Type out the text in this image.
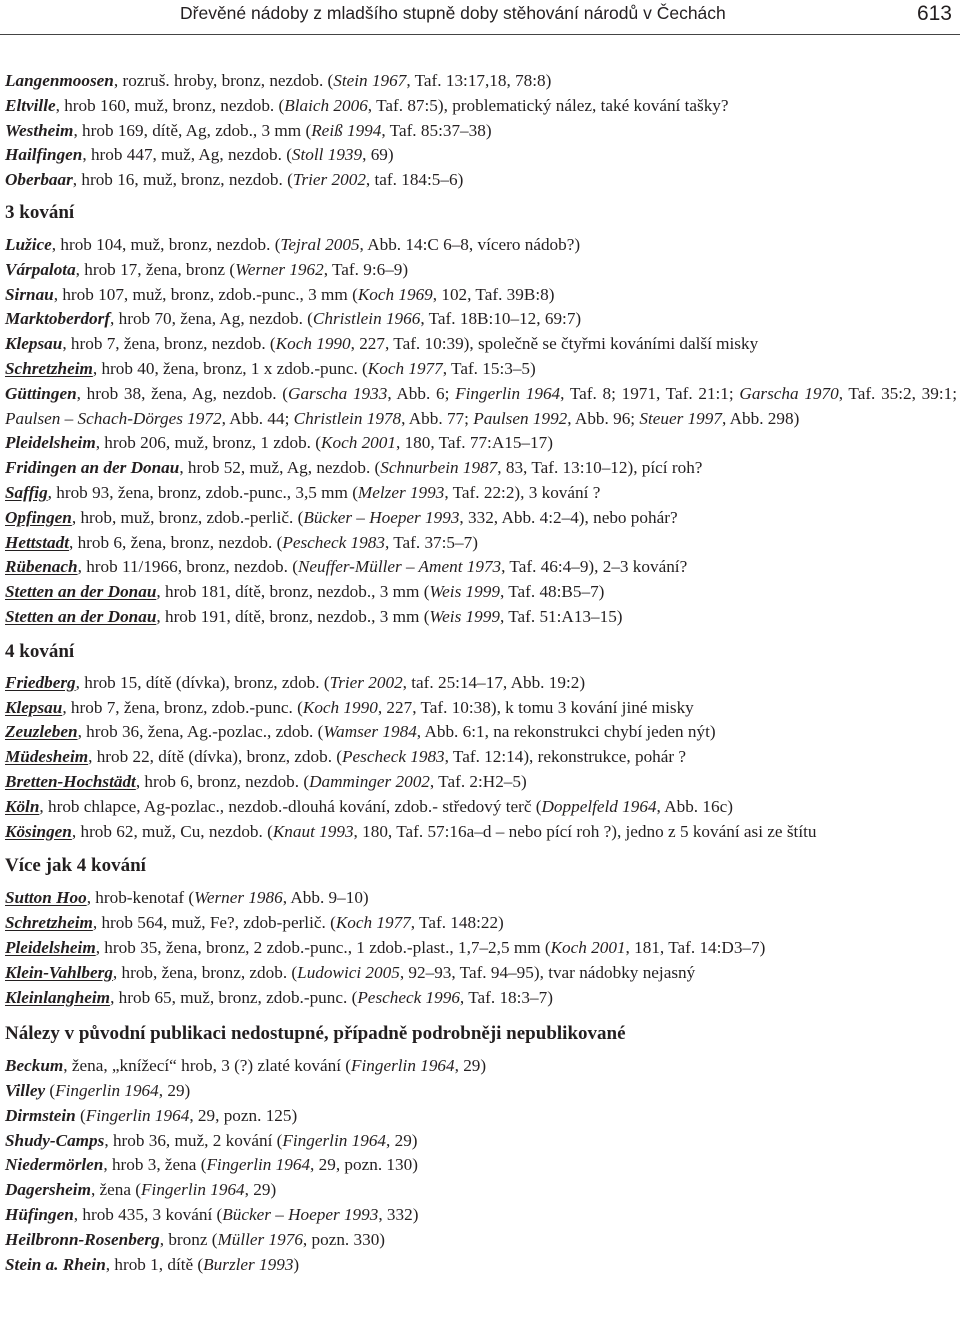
Dřevěné nádoby z mladšího stupně doby stěhování národů v Čechách	613
Langenmoosen, rozruš. hroby, bronz, nezdob. (Stein 1967, Taf. 13:17,18, 78:8)
Eltville, hrob 160, muž, bronz, nezdob. (Blaich 2006, Taf. 87:5), problematický nález, také kování tašky?
Westheim, hrob 169, dítě, Ag, zdob., 3 mm (Reiß 1994, Taf. 85:37–38)
Hailfingen, hrob 447, muž, Ag, nezdob. (Stoll 1939, 69)
Oberbaar, hrob 16, muž, bronz, nezdob. (Trier 2002, taf. 184:5–6)
3 kování
Lužice, hrob 104, muž, bronz, nezdob. (Tejral 2005, Abb. 14:C 6–8, vícero nádob?)
Várpalota, hrob 17, žena, bronz (Werner 1962, Taf. 9:6–9)
Sirnau, hrob 107, muž, bronz, zdob.-punc., 3 mm (Koch 1969, 102, Taf. 39B:8)
Marktoberdorf, hrob 70, žena, Ag, nezdob. (Christlein 1966, Taf. 18B:10–12, 69:7)
Klepsau, hrob 7, žena, bronz, nezdob. (Koch 1990, 227, Taf. 10:39), společně se čtyřmi kováními další misky
Schretzheim, hrob 40, žena, bronz, 1 x zdob.-punc. (Koch 1977, Taf. 15:3–5)
Güttingen, hrob 38, žena, Ag, nezdob. (Garscha 1933, Abb. 6; Fingerlin 1964, Taf. 8; 1971, Taf. 21:1; Garscha 1970, Taf. 35:2, 39:1; Paulsen – Schach-Dörges 1972, Abb. 44; Christlein 1978, Abb. 77; Paulsen 1992, Abb. 96; Steuer 1997, Abb. 298)
Pleidelsheim, hrob 206, muž, bronz, 1 zdob. (Koch 2001, 180, Taf. 77:A15–17)
Fridingen an der Donau, hrob 52, muž, Ag, nezdob. (Schnurbein 1987, 83, Taf. 13:10–12), pící roh?
Saffig, hrob 93, žena, bronz, zdob.-punc., 3,5 mm (Melzer 1993, Taf. 22:2), 3 kování ?
Opfingen, hrob, muž, bronz, zdob.-perlič. (Bücker – Hoeper 1993, 332, Abb. 4:2–4), nebo pohár?
Hettstadt, hrob 6, žena, bronz, nezdob. (Pescheck 1983, Taf. 37:5–7)
Rübenach, hrob 11/1966, bronz, nezdob. (Neuffer-Müller – Ament 1973, Taf. 46:4–9), 2–3 kování?
Stetten an der Donau, hrob 181, dítě, bronz, nezdob., 3 mm (Weis 1999, Taf. 48:B5–7)
Stetten an der Donau, hrob 191, dítě, bronz, nezdob., 3 mm (Weis 1999, Taf. 51:A13–15)
4 kování
Friedberg, hrob 15, dítě (dívka), bronz, zdob. (Trier 2002, taf. 25:14–17, Abb. 19:2)
Klepsau, hrob 7, žena, bronz, zdob.-punc. (Koch 1990, 227, Taf. 10:38), k tomu 3 kování jiné misky
Zeuzleben, hrob 36, žena, Ag.-pozlac., zdob. (Wamser 1984, Abb. 6:1, na rekonstrukci chybí jeden nýt)
Müdesheim, hrob 22, dítě (dívka), bronz, zdob. (Pescheck 1983, Taf. 12:14), rekonstrukce, pohár ?
Bretten-Hochstädt, hrob 6, bronz, nezdob. (Damminger 2002, Taf. 2:H2–5)
Köln, hrob chlapce, Ag-pozlac., nezdob.-dlouhá kování, zdob.- středový terč (Doppelfeld 1964, Abb. 16c)
Kösingen, hrob 62, muž, Cu, nezdob. (Knaut 1993, 180, Taf. 57:16a–d – nebo pící roh ?), jedno z 5 kování asi ze štítu
Více jak 4 kování
Sutton Hoo, hrob-kenotaf (Werner 1986, Abb. 9–10)
Schretzheim, hrob 564, muž, Fe?, zdob-perlič. (Koch 1977, Taf. 148:22)
Pleidelsheim, hrob 35, žena, bronz, 2 zdob.-punc., 1 zdob.-plast., 1,7–2,5 mm (Koch 2001, 181, Taf. 14:D3–7)
Klein-Vahlberg, hrob, žena, bronz, zdob. (Ludowici 2005, 92–93, Taf. 94–95), tvar nádobky nejasný
Kleinlangheim, hrob 65, muž, bronz, zdob.-punc. (Pescheck 1996, Taf. 18:3–7)
Nálezy v původní publikaci nedostupné, případně podrobněji nepublikované
Beckum, žena, „knížecí“ hrob, 3 (?) zlaté kování (Fingerlin 1964, 29)
Villey (Fingerlin 1964, 29)
Dirmstein (Fingerlin 1964, 29, pozn. 125)
Shudy-Camps, hrob 36, muž, 2 kování (Fingerlin 1964, 29)
Niedermörlen, hrob 3, žena (Fingerlin 1964, 29, pozn. 130)
Dagersheim, žena (Fingerlin 1964, 29)
Hüfingen, hrob 435, 3 kování (Bücker – Hoeper 1993, 332)
Heilbronn-Rosenberg, bronz (Müller 1976, pozn. 330)
Stein a. Rhein, hrob 1, dítě (Burzler 1993)
